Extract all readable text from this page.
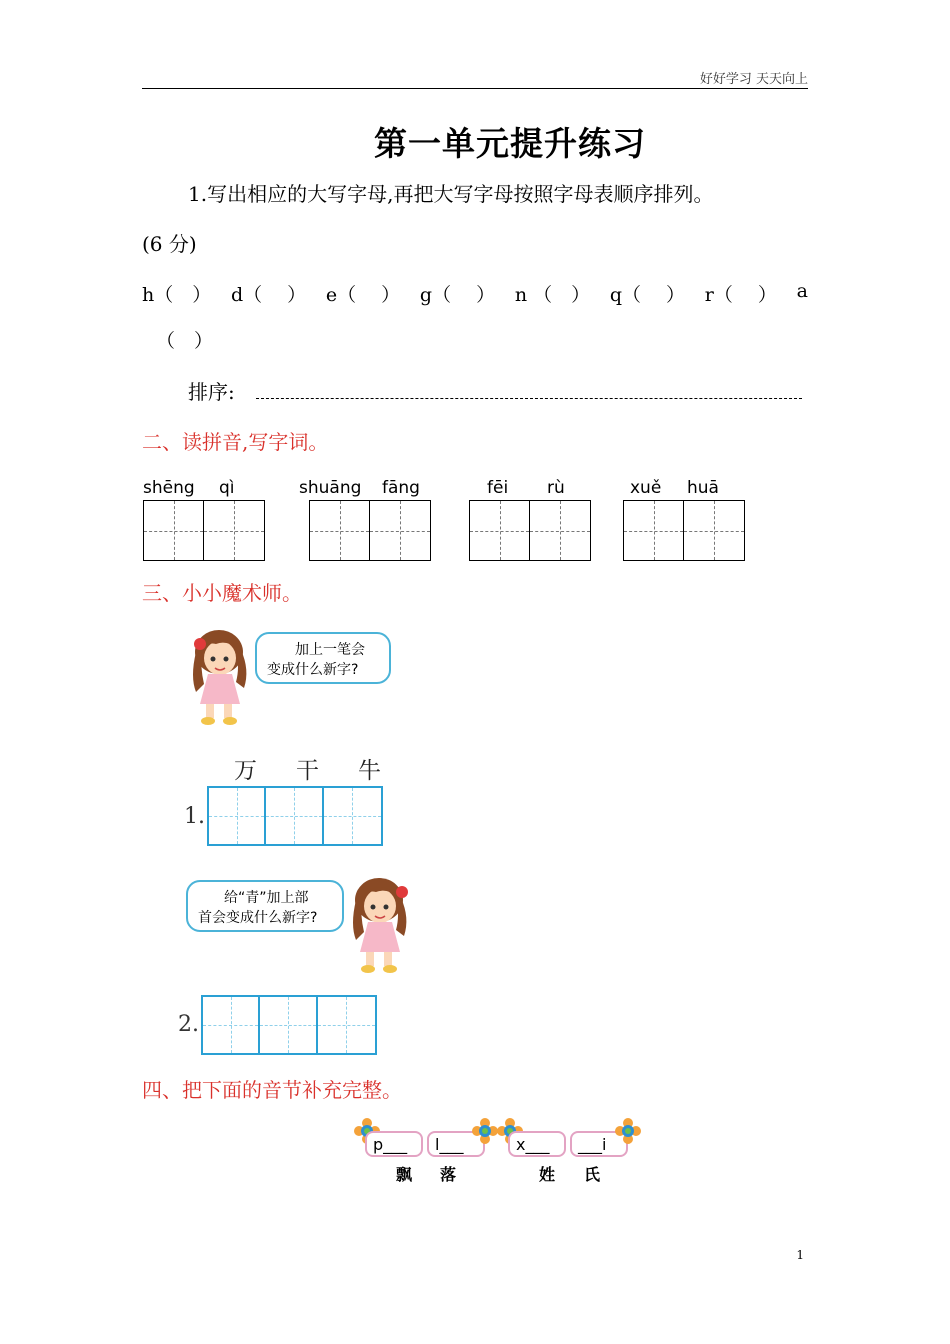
好好学习 天天向上
第一单元提升练习
1.写出相应的大写字母,再把大写字母按照字母表顺序排列。
(6 分)
h（　） d（　 ） e（　 ） g（　 ） n （　） q（　 ） r（　 ） a
（　）
排序:
二、读拼音,写字词。
shēng qì	shuāng fāng	fēi rù	xuě huā
三、小小魔术师。
加上一笔会
变成什么新字?
万 干 牛
1.
给“青”加上部
首会变成什么新字?
2.
四、把下面的音节补充完整。
p___	l___	x___	___i
飘 落	姓 氏
1
